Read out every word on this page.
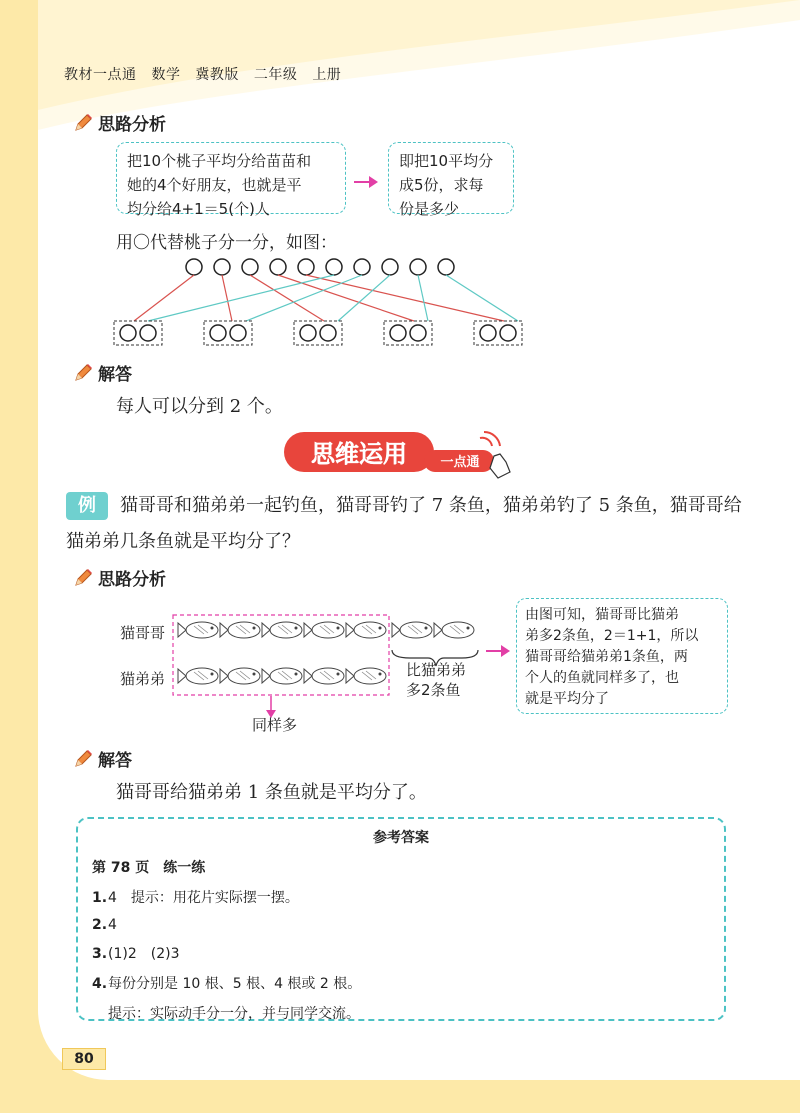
教材一点通 数学 冀教版 二年级 上册
思路分析
把10个桃子平均分给苗苗和
她的4个好朋友，也就是平
均分给4+1＝5(个)人
即把10平均分
成5份，求每
份是多少
用〇代替桃子分一分，如图：
解答
每人可以分到 2 个。
思维运用	一点通
例 猫哥哥和猫弟弟一起钓鱼，猫哥哥钓了 7 条鱼，猫弟弟钓了 5 条鱼，猫哥哥给猫弟弟几条鱼就是平均分了？
思路分析
猫哥哥
猫弟弟	比猫弟弟
多2条鱼
同样多
由图可知，猫哥哥比猫弟
弟多2条鱼，2＝1+1，所以
猫哥哥给猫弟弟1条鱼，两
个人的鱼就同样多了，也
就是平均分了
解答
猫哥哥给猫弟弟 1 条鱼就是平均分了。
参考答案
第 78 页　练一练
1.4　提示：用花片实际摆一摆。
2.4
3.(1)2　(2)3
4.每份分别是 10 根、5 根、4 根或 2 根。
提示：实际动手分一分，并与同学交流。
80
